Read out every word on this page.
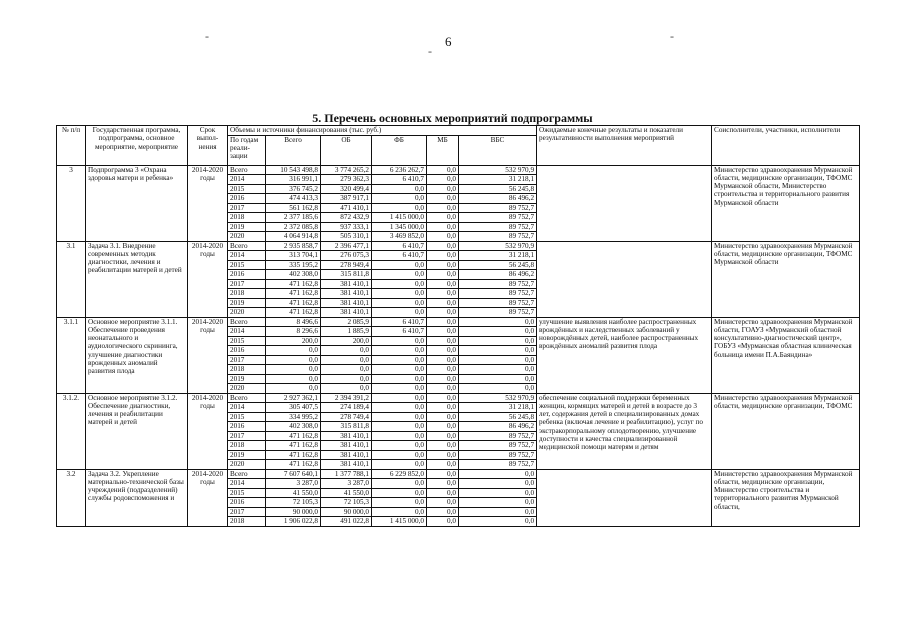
-	6
-
-
5. Перечень основных мероприятий подпрограммы
№ п/п	Государственная программа, подпрограмма, основное мероприятие, мероприятие	Срок выпол-нения	Объемы и источники финансирования (тыс. руб.)						Ожидаемые конечные результаты и показатели результативности выполнения мероприятий	Соисполнители, участники, исполнители
			По годам реали-зации	Всего	ОБ	ФБ	МБ	ВБС		
3	Подпрограмма 3 «Охрана здоровья матери и ребенка»	2014-2020 годы	Всего	10 543 498,8	3 774 265,2	6 236 262,7	0,0	532 970,9		Министерство здравоохранения Мурманской области, медицинские организации, ТФОМС Мурманской области, Министерство строительства и территориального развития Мурманской области
			2014	316 991,1	279 362,3	6 410,7	0,0	31 218,1		
			2015	376 745,2	320 499,4	0,0	0,0	56 245,8		
			2016	474 413,3	387 917,1	0,0	0,0	86 496,2		
			2017	561 162,8	471 410,1	0,0	0,0	89 752,7		
			2018	2 377 185,6	872 432,9	1 415 000,0	0,0	89 752,7		
			2019	2 372 085,8	937 333,1	1 345 000,0	0,0	89 752,7		
			2020	4 064 914,8	505 310,1	3 469 852,0	0,0	89 752,7		
3.1	Задача 3.1. Внедрение современных методик диагностики, лечения и реабилитации матерей и детей	2014-2020 годы	Всего	2 935 858,7	2 396 477,1	6 410,7	0,0	532 970,9		Министерство здравоохранения Мурманской области, медицинские организации, ТФОМС Мурманской области
			2014	313 704,1	276 075,3	6 410,7	0,0	31 218,1		
			2015	335 195,2	278 949,4	0,0	0,0	56 245,8		
			2016	402 308,0	315 811,8	0,0	0,0	86 496,2		
			2017	471 162,8	381 410,1	0,0	0,0	89 752,7		
			2018	471 162,8	381 410,1	0,0	0,0	89 752,7		
			2019	471 162,8	381 410,1	0,0	0,0	89 752,7		
			2020	471 162,8	381 410,1	0,0	0,0	89 752,7		
3.1.1	Основное мероприятие 3.1.1. Обеспечение проведения неонатального и аудиологического скрининга, улучшение диагностики врожденных аномалий развития плода	2014-2020 годы	Всего	8 496,6	2 085,9	6 410,7	0,0	0,0	улучшение выявления наиболее распространенных врождённых и наследственных заболеваний у новорождённых детей, наиболее распространенных врождённых аномалий развития плода	Министерство здравоохранения Мурманской области, ГОАУЗ «Мурманский областной консультативно-диагностический центр», ГОБУЗ «Мурманская областная клиническая больница имени П.А.Баяндина»
			2014	8 296,6	1 885,9	6 410,7	0,0	0,0		
			2015	200,0	200,0	0,0	0,0	0,0		
			2016	0,0	0,0	0,0	0,0	0,0		
			2017	0,0	0,0	0,0	0,0	0,0		
			2018	0,0	0,0	0,0	0,0	0,0		
			2019	0,0	0,0	0,0	0,0	0,0		
			2020	0,0	0,0	0,0	0,0	0,0		
3.1.2.	Основное мероприятие 3.1.2. Обеспечение диагностики, лечения и реабилитации матерей и детей	2014-2020 годы	Всего	2 927 362,1	2 394 391,2	0,0	0,0	532 970,9	обеспечение социальной поддержки беременных женщин, кормящих матерей и детей в возрасте до 3 лет, содержания детей в специализированных домах ребенка (включая лечение и реабилитацию), услуг по экстракорпоральному оплодотворению, улучшение доступности и качества специализированной медицинской помощи матерям и детям	Министерство здравоохранения Мурманской области, медицинские организации, ТФОМС
			2014	305 407,5	274 189,4	0,0	0,0	31 218,1		
			2015	334 995,2	278 749,4	0,0	0,0	56 245,8		
			2016	402 308,0	315 811,8	0,0	0,0	86 496,2		
			2017	471 162,8	381 410,1	0,0	0,0	89 752,7		
			2018	471 162,8	381 410,1	0,0	0,0	89 752,7		
			2019	471 162,8	381 410,1	0,0	0,0	89 752,7		
			2020	471 162,8	381 410,1	0,0	0,0	89 752,7		
3.2	Задача 3.2. Укрепление материально-технической базы учреждений (подразделений) службы родовспоможения и	2014-2020 годы	Всего	7 607 640,1	1 377 788,1	6 229 852,0	0,0	0,0		Министерство здравоохранения Мурманской области, медицинские организации, Министерство строительства и территориального развития Мурманской области,
			2014	3 287,0	3 287,0	0,0	0,0	0,0		
			2015	41 550,0	41 550,0	0,0	0,0	0,0		
			2016	72 105,3	72 105,3	0,0	0,0	0,0		
			2017	90 000,0	90 000,0	0,0	0,0	0,0		
			2018	1 906 022,8	491 022,8	1 415 000,0	0,0	0,0		
